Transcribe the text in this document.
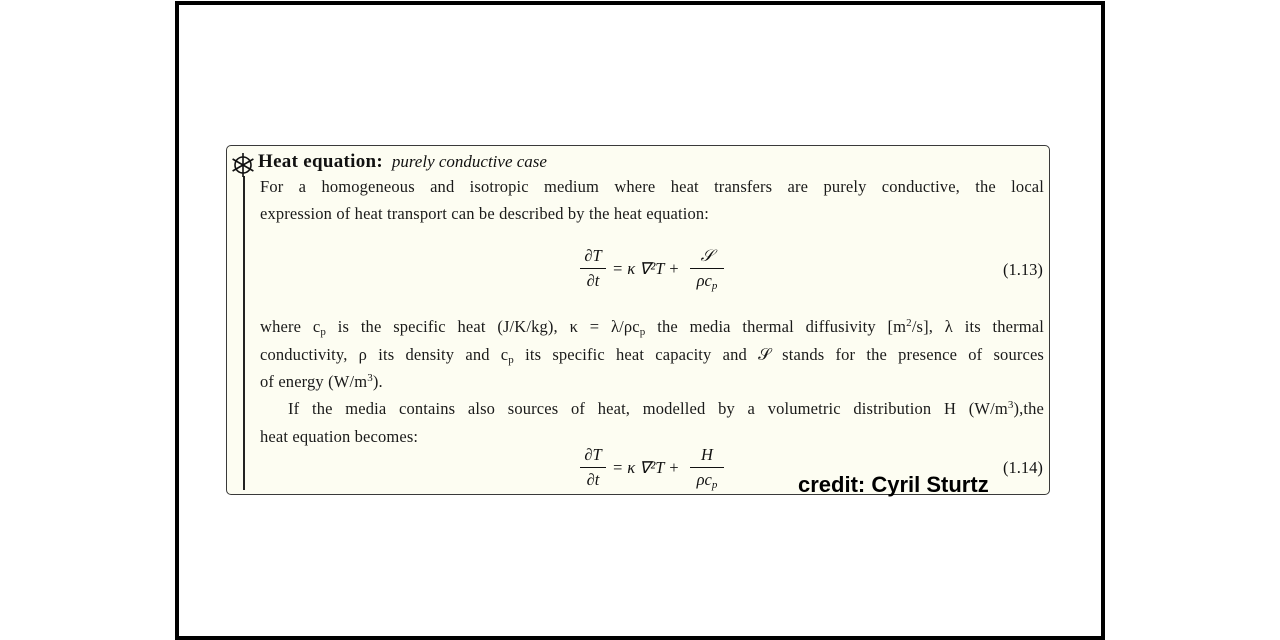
Heat equation: purely conductive case
For a homogeneous and isotropic medium where heat transfers are purely conductive, the local
expression of heat transport can be described by the heat equation:
∂T
∂t
= κ ∇²T +
𝒮
$\rho c_p$
(1.13)
where $c_p$ is the specific heat (J/K/kg), $\kappa = \lambda/\rho c_p$ the media thermal diffusivity $[m^2/s]$, λ its thermal
conductivity, ρ its density and $c_p$ its specific heat capacity and 𝒮 stands for the presence of sources
of energy $(W/m^3)$.
If the media contains also sources of heat, modelled by a volumetric distribution H $(W/m^3),the$
heat equation becomes:
∂T
∂t
= κ ∇²T +
H
$\rho c_p$
(1.14)
credit: Cyril Sturtz
